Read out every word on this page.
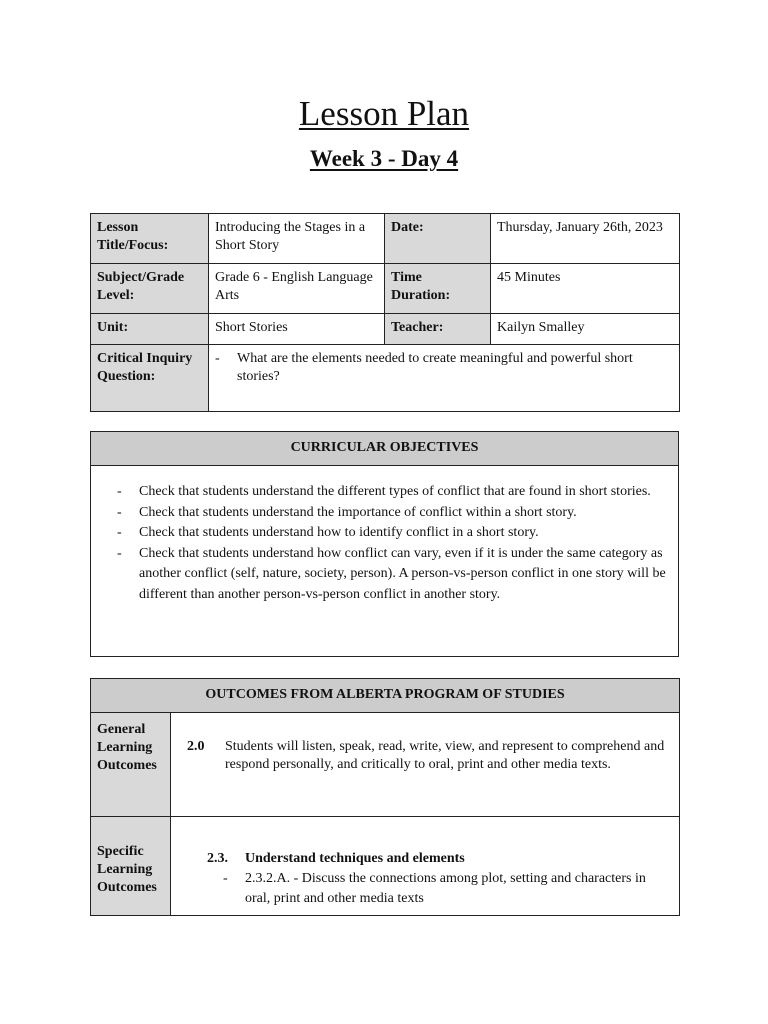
Lesson Plan
Week 3 - Day 4
Lesson Title/Focus:	Introducing the Stages in a Short Story	Date:	Thursday, January 26th, 2023
Subject/Grade Level:	Grade 6 - English Language Arts	Time Duration:	45 Minutes
Unit:	Short Stories	Teacher:	Kailyn Smalley
Critical Inquiry Question:	- What are the elements needed to create meaningful and powerful short stories?		
CURRICULAR OBJECTIVES

-	Check that students understand the different types of conflict that are found in short stories.
-	Check that students understand the importance of conflict within a short story.
-	Check that students understand how to identify conflict in a short story.
-	Check that students understand how conflict can vary, even if it is under the same category as another conflict (self, nature, society, person). A person-vs-person conflict in one story will be different than another person-vs-person conflict in another story.
OUTCOMES FROM ALBERTA PROGRAM OF STUDIES	
General Learning Outcomes	2.0 Students will listen, speak, read, write, view, and represent to comprehend and respond personally, and critically to oral, print and other media texts.

Specific Learning Outcomes	2.3. Understand techniques and elements
- 2.3.2.A. - Discuss the connections among plot, setting and characters in oral, print and other media texts
